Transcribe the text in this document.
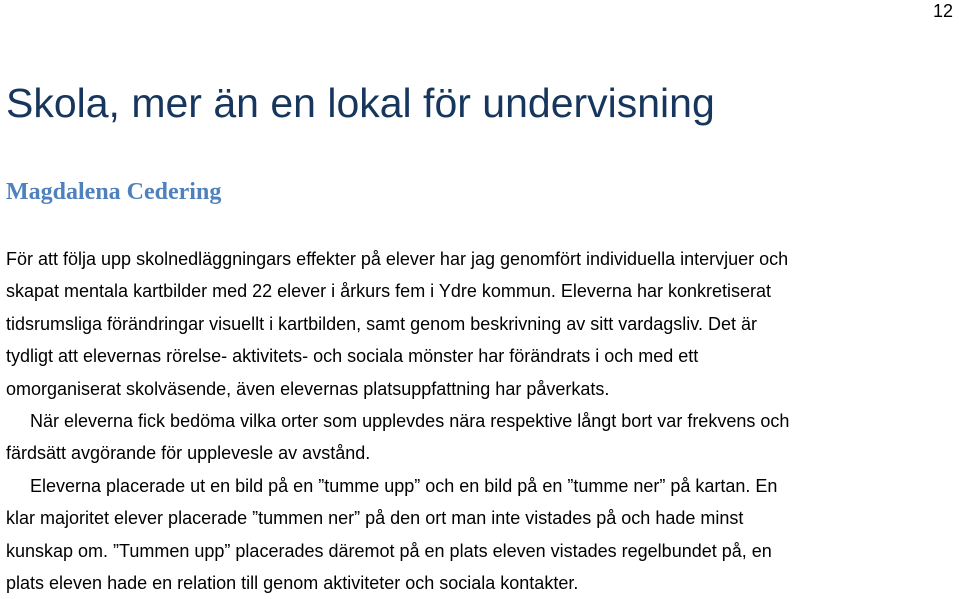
12
Skola, mer än en lokal för undervisning
Magdalena Cedering
För att följa upp skolnedläggningars effekter på elever har jag genomfört individuella intervjuer och
skapat mentala kartbilder med 22 elever i årkurs fem i Ydre kommun. Eleverna har konkretiserat
tidsrumsliga förändringar visuellt i kartbilden, samt genom beskrivning av sitt vardagsliv. Det är
tydligt att elevernas rörelse- aktivitets- och sociala mönster har förändrats i och med ett
omorganiserat skolväsende, även elevernas platsuppfattning har påverkats.
När eleverna fick bedöma vilka orter som upplevdes nära respektive långt bort var frekvens och
färdsätt avgörande för upplevesle av avstånd.
Eleverna placerade ut en bild på en ”tumme upp” och en bild på en ”tumme ner” på kartan. En
klar majoritet elever placerade ”tummen ner” på den ort man inte vistades på och hade minst
kunskap om. ”Tummen upp” placerades däremot på en plats eleven vistades regelbundet på, en
plats eleven hade en relation till genom aktiviteter och sociala kontakter.
